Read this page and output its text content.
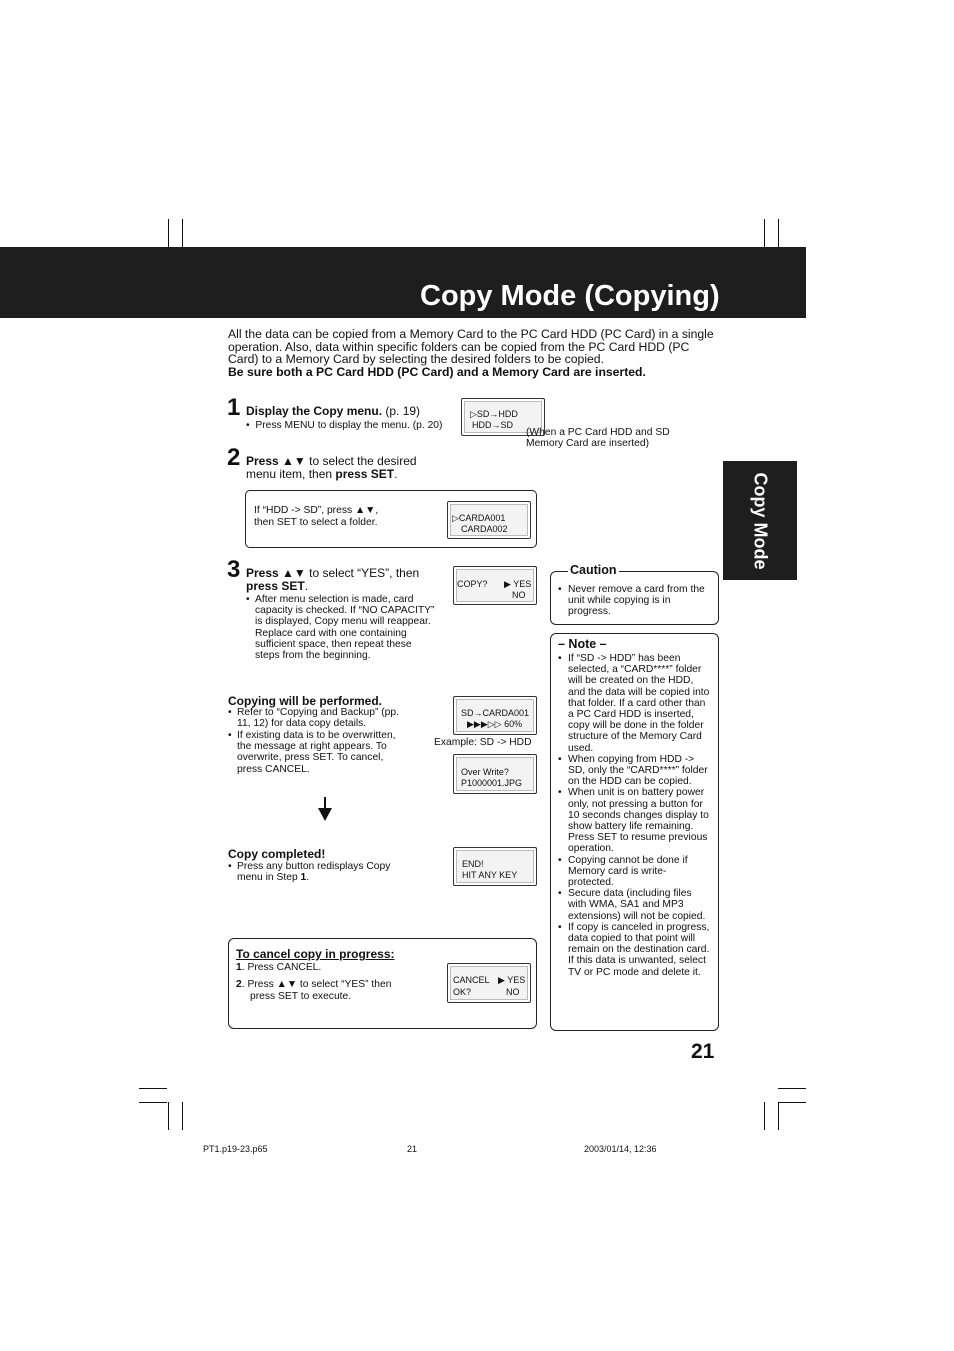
Copy Mode (Copying)
Copy Mode
All the data can be copied from a Memory Card to the PC Card HDD (PC Card) in a single operation. Also, data within specific folders can be copied from the PC Card HDD (PC Card) to a Memory Card by selecting the desired folders to be copied.
Be sure both a PC Card HDD (PC Card) and a Memory Card are inserted.
1 Display the Copy menu. (p. 19)
•  Press MENU to display the menu. (p. 20)
▷SD→HDD
HDD→SD
(When a PC Card HDD and SD Memory Card are inserted)
2 Press ▲▼ to select the desired
menu item, then press SET.
If “HDD -> SD”, press ▲▼,
then SET to select a folder.	▷CARDA001
CARDA002
3 Press ▲▼ to select “YES”, then
press SET.
• After menu selection is made, card capacity is checked. If “NO CAPACITY” is displayed, Copy menu will reappear. Replace card with one containing sufficient space, then repeat these steps from the beginning.
COPY? ▶ YES
NO
Copying will be performed.
• Refer to “Copying and Backup” (pp. 11, 12) for data copy details.
• If existing data is to be overwritten, the message at right appears. To overwrite, press SET. To cancel, press CANCEL.
SD→CARDA001
▶▶▶▷▷ 60%
Example: SD -> HDD
Over Write?
P1000001.JPG
Copy completed!
• Press any button redisplays Copy menu in Step 1.
END!
HIT ANY KEY
To cancel copy in progress:
1. Press CANCEL.
2. Press ▲▼ to select “YES” then
press SET to execute.
CANCEL ▶ YES
OK?	NO
Caution
• Never remove a card from the unit while copying is in progress.
– Note –
• If “SD -> HDD” has been selected, a “CARD****” folder will be created on the HDD, and the data will be copied into that folder. If a card other than a PC Card HDD is inserted, copy will be done in the folder structure of the Memory Card used.
• When copying from HDD -> SD, only the “CARD****” folder on the HDD can be copied.
• When unit is on battery power only, not pressing a button for 10 seconds changes display to show battery life remaining. Press SET to resume previous operation.
• Copying cannot be done if Memory card is write-protected.
• Secure data (including files with WMA, SA1 and MP3 extensions) will not be copied.
• If copy is canceled in progress, data copied to that point will remain on the destination card. If this data is unwanted, select TV or PC mode and delete it.
21
PT1.p19-23.p65	21	2003/01/14, 12:36
